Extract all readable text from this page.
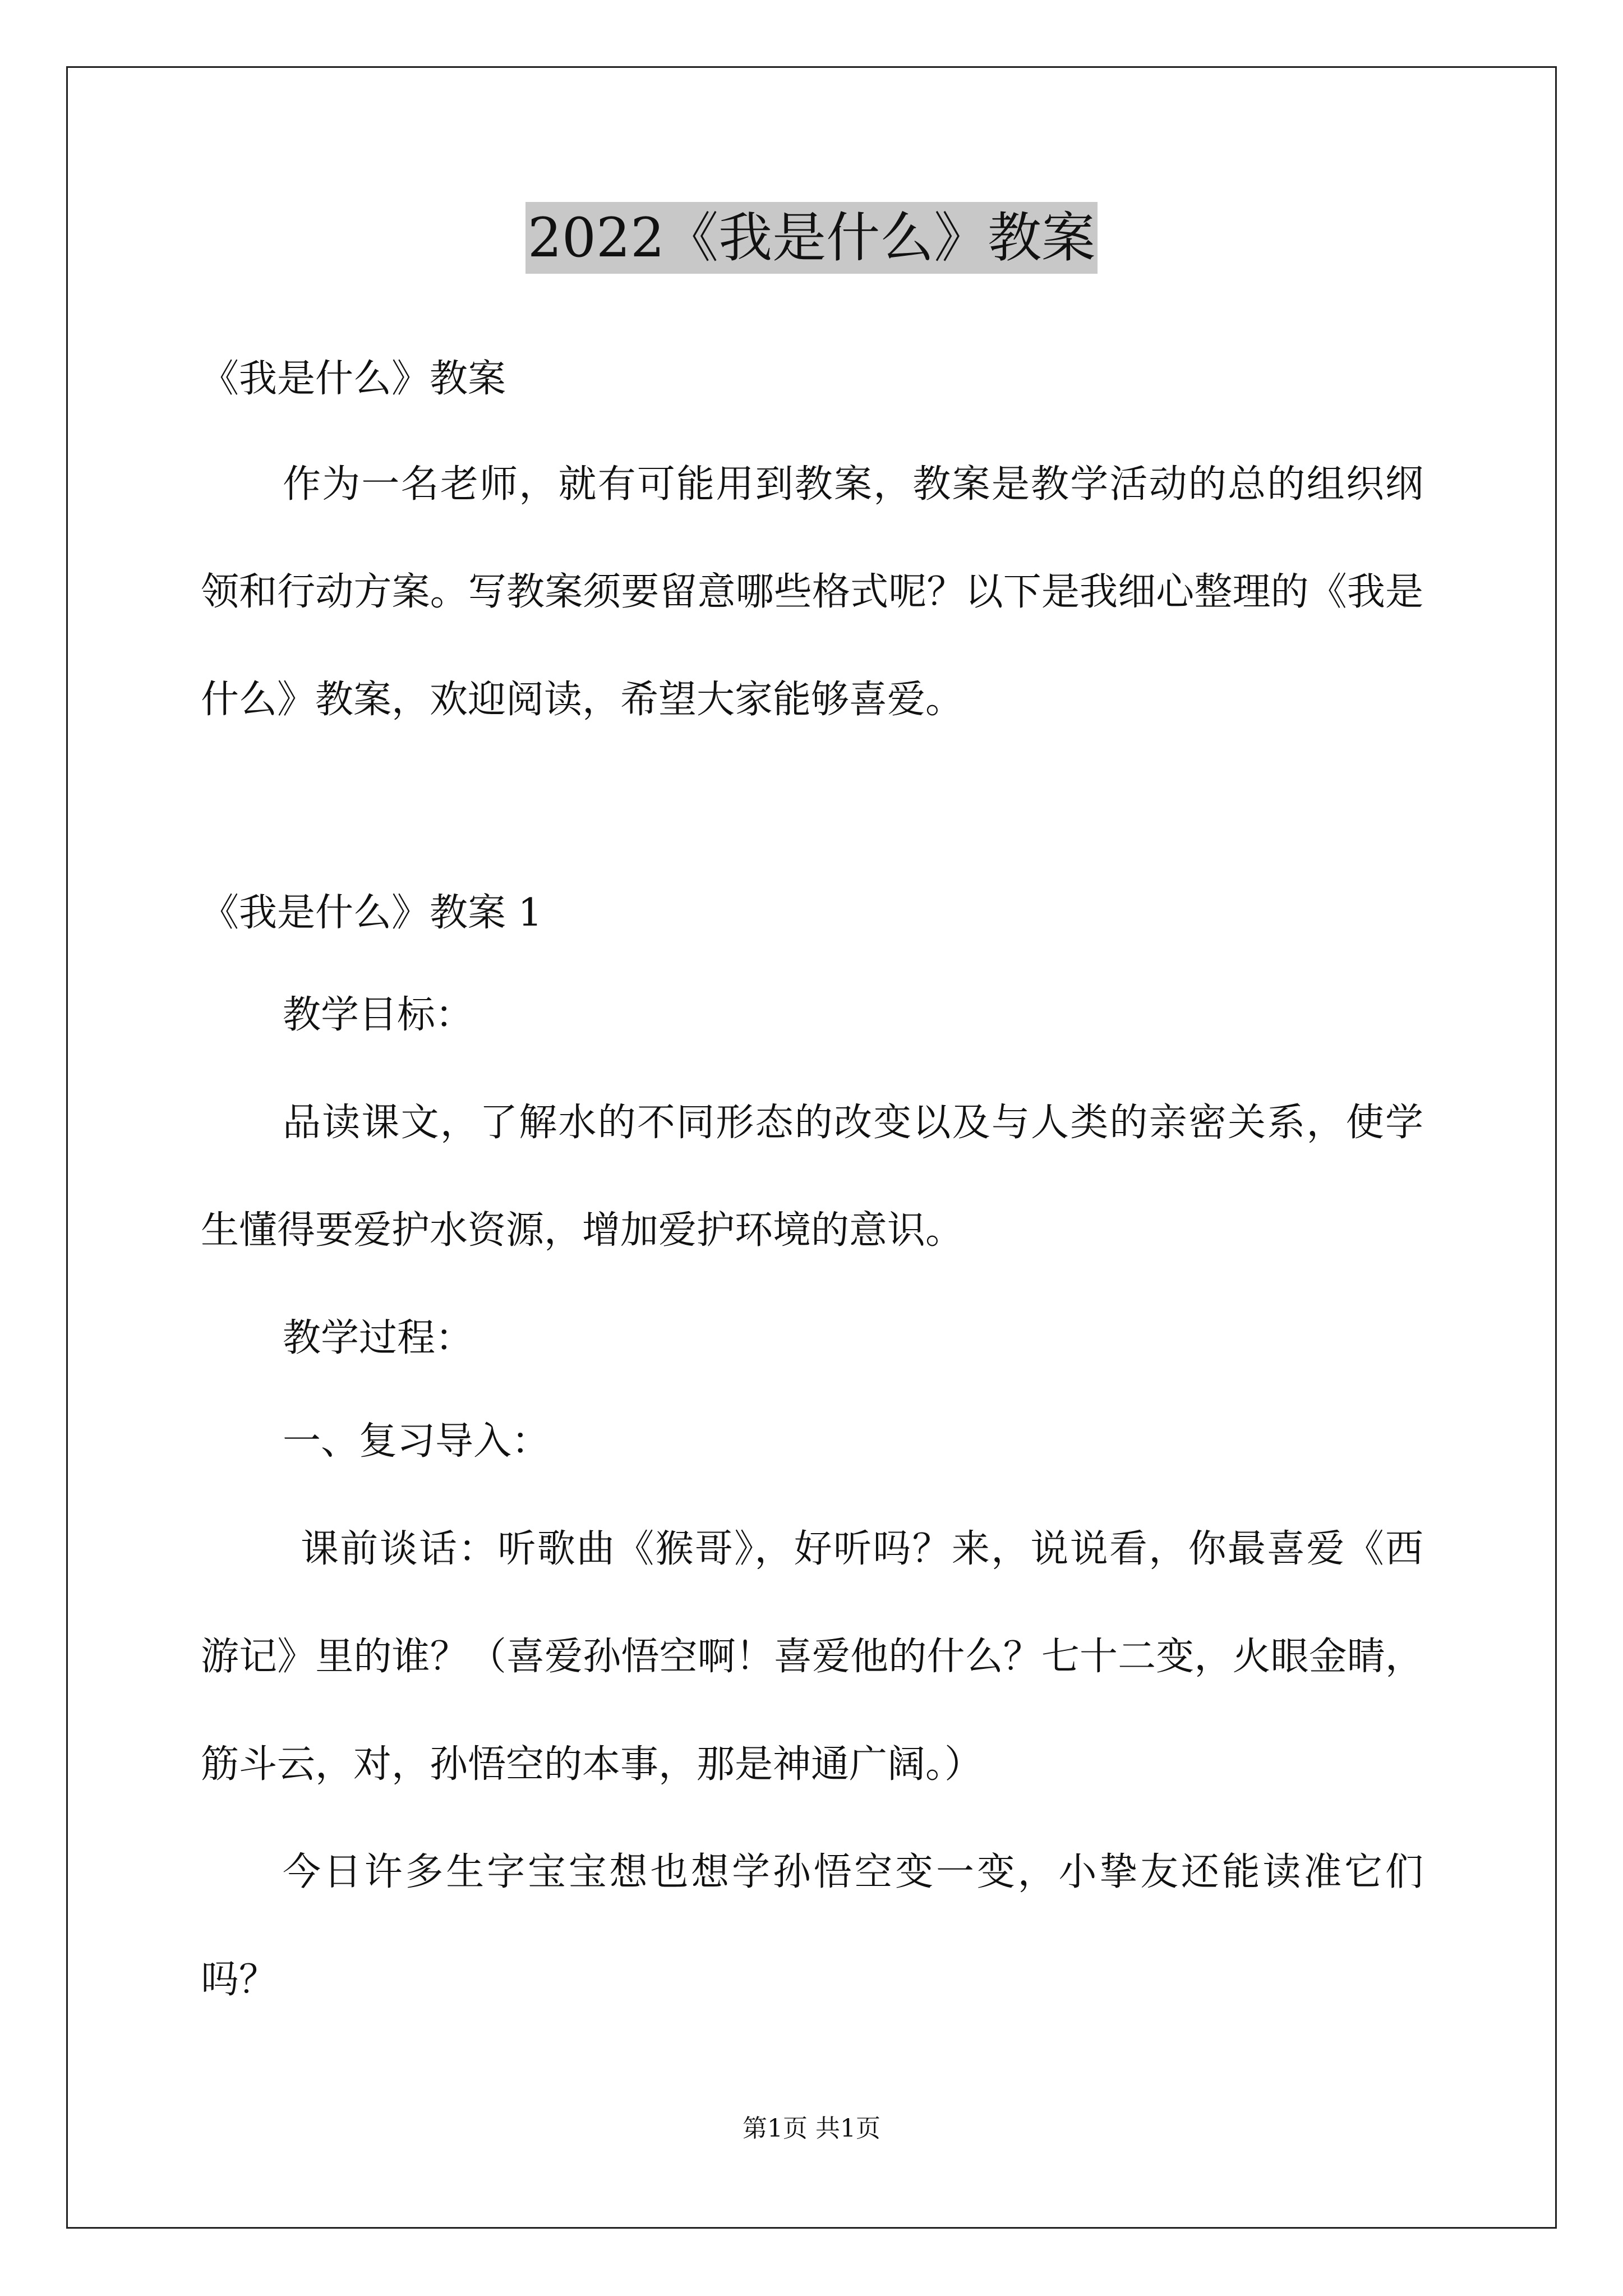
2022《我是什么》教案
《我是什么》教案
作为一名老师，就有可能用到教案，教案是教学活动的总的组织纲领和行动方案。写教案须要留意哪些格式呢？以下是我细心整理的《我是什么》教案，欢迎阅读，希望大家能够喜爱。
《我是什么》教案 1
教学目标：
品读课文，了解水的不同形态的改变以及与人类的亲密关系，使学生懂得要爱护水资源，增加爱护环境的意识。
教学过程：
一、复习导入：
课前谈话：听歌曲《猴哥》，好听吗？来，说说看，你最喜爱《西游记》里的谁？（喜爱孙悟空啊！喜爱他的什么？七十二变，火眼金睛，筋斗云，对，孙悟空的本事，那是神通广阔。）
今日许多生字宝宝想也想学孙悟空变一变，小挚友还能读准它们吗？
第1页 共1页
